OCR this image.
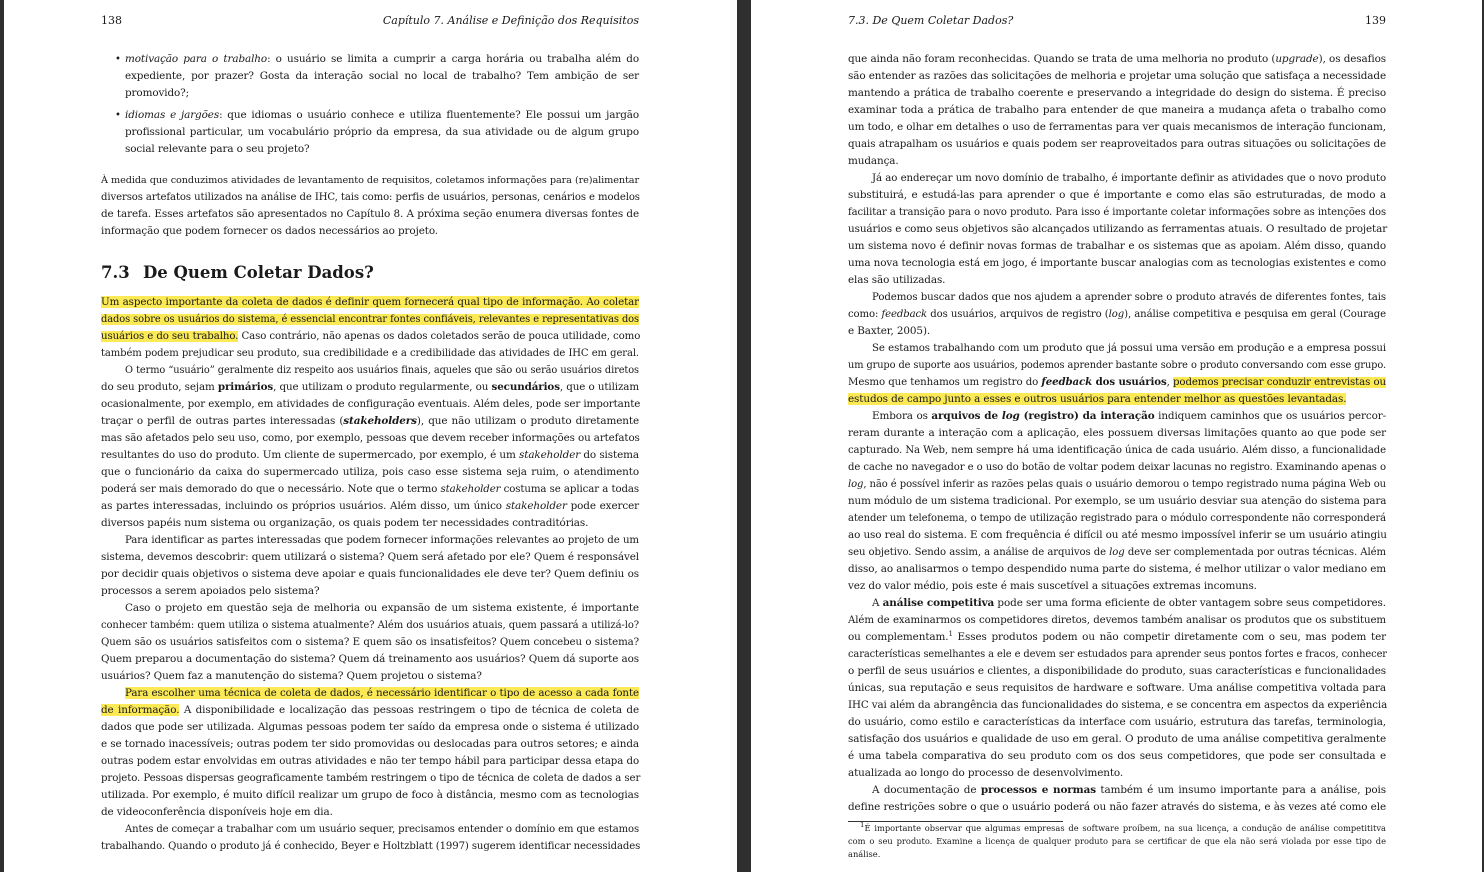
138	Capítulo 7. Análise e Definição dos Requisitos
• motivação para o trabalho: o usuário se limita a cumprir a carga horária ou trabalha além do
expediente, por prazer? Gosta da interação social no local de trabalho? Tem ambição de ser
promovido?;
• idiomas e jargões: que idiomas o usuário conhece e utiliza fluentemente? Ele possui um jargão
profissional particular, um vocabulário próprio da empresa, da sua atividade ou de algum grupo
social relevante para o seu projeto?
À medida que conduzimos atividades de levantamento de requisitos, coletamos informações para (re)alimentar
diversos artefatos utilizados na análise de IHC, tais como: perfis de usuários, personas, cenários e modelos
de tarefa. Esses artefatos são apresentados no Capítulo 8. A próxima seção enumera diversas fontes de
informação que podem fornecer os dados necessários ao projeto.
7.3 De Quem Coletar Dados?
Um aspecto importante da coleta de dados é definir quem fornecerá qual tipo de informação. Ao coletar
dados sobre os usuários do sistema, é essencial encontrar fontes confiáveis, relevantes e representativas dos
usuários e do seu trabalho. Caso contrário, não apenas os dados coletados serão de pouca utilidade, como
também podem prejudicar seu produto, sua credibilidade e a credibilidade das atividades de IHC em geral.
O termo “usuário” geralmente diz respeito aos usuários finais, aqueles que são ou serão usuários diretos
do seu produto, sejam primários, que utilizam o produto regularmente, ou secundários, que o utilizam
ocasionalmente, por exemplo, em atividades de configuração eventuais. Além deles, pode ser importante
traçar o perfil de outras partes interessadas (stakeholders), que não utilizam o produto diretamente
mas são afetados pelo seu uso, como, por exemplo, pessoas que devem receber informações ou artefatos
resultantes do uso do produto. Um cliente de supermercado, por exemplo, é um stakeholder do sistema
que o funcionário da caixa do supermercado utiliza, pois caso esse sistema seja ruim, o atendimento
poderá ser mais demorado do que o necessário. Note que o termo stakeholder costuma se aplicar a todas
as partes interessadas, incluindo os próprios usuários. Além disso, um único stakeholder pode exercer
diversos papéis num sistema ou organização, os quais podem ter necessidades contraditórias.
Para identificar as partes interessadas que podem fornecer informações relevantes ao projeto de um
sistema, devemos descobrir: quem utilizará o sistema? Quem será afetado por ele? Quem é responsável
por decidir quais objetivos o sistema deve apoiar e quais funcionalidades ele deve ter? Quem definiu os
processos a serem apoiados pelo sistema?
Caso o projeto em questão seja de melhoria ou expansão de um sistema existente, é importante
conhecer também: quem utiliza o sistema atualmente? Além dos usuários atuais, quem passará a utilizá-lo?
Quem são os usuários satisfeitos com o sistema? E quem são os insatisfeitos? Quem concebeu o sistema?
Quem preparou a documentação do sistema? Quem dá treinamento aos usuários? Quem dá suporte aos
usuários? Quem faz a manutenção do sistema? Quem projetou o sistema?
Para escolher uma técnica de coleta de dados, é necessário identificar o tipo de acesso a cada fonte
de informação. A disponibilidade e localização das pessoas restringem o tipo de técnica de coleta de
dados que pode ser utilizada. Algumas pessoas podem ter saído da empresa onde o sistema é utilizado
e se tornado inacessíveis; outras podem ter sido promovidas ou deslocadas para outros setores; e ainda
outras podem estar envolvidas em outras atividades e não ter tempo hábil para participar dessa etapa do
projeto. Pessoas dispersas geograficamente também restringem o tipo de técnica de coleta de dados a ser
utilizada. Por exemplo, é muito difícil realizar um grupo de foco à distância, mesmo com as tecnologias
de videoconferência disponíveis hoje em dia.
Antes de começar a trabalhar com um usuário sequer, precisamos entender o domínio em que estamos
trabalhando. Quando o produto já é conhecido, Beyer e Holtzblatt (1997) sugerem identificar necessidades
7.3. De Quem Coletar Dados?	139
que ainda não foram reconhecidas. Quando se trata de uma melhoria no produto (upgrade), os desafios
são entender as razões das solicitações de melhoria e projetar uma solução que satisfaça a necessidade
mantendo a prática de trabalho coerente e preservando a integridade do design do sistema. É preciso
examinar toda a prática de trabalho para entender de que maneira a mudança afeta o trabalho como
um todo, e olhar em detalhes o uso de ferramentas para ver quais mecanismos de interação funcionam,
quais atrapalham os usuários e quais podem ser reaproveitados para outras situações ou solicitações de
mudança.
Já ao endereçar um novo domínio de trabalho, é importante definir as atividades que o novo produto
substituirá, e estudá-las para aprender o que é importante e como elas são estruturadas, de modo a
facilitar a transição para o novo produto. Para isso é importante coletar informações sobre as intenções dos
usuários e como seus objetivos são alcançados utilizando as ferramentas atuais. O resultado de projetar
um sistema novo é definir novas formas de trabalhar e os sistemas que as apoiam. Além disso, quando
uma nova tecnologia está em jogo, é importante buscar analogias com as tecnologias existentes e como
elas são utilizadas.
Podemos buscar dados que nos ajudem a aprender sobre o produto através de diferentes fontes, tais
como: feedback dos usuários, arquivos de registro (log), análise competitiva e pesquisa em geral (Courage
e Baxter, 2005).
Se estamos trabalhando com um produto que já possui uma versão em produção e a empresa possui
um grupo de suporte aos usuários, podemos aprender bastante sobre o produto conversando com esse grupo.
Mesmo que tenhamos um registro do feedback dos usuários, podemos precisar conduzir entrevistas ou
estudos de campo junto a esses e outros usuários para entender melhor as questões levantadas.
Embora os arquivos de log (registro) da interação indiquem caminhos que os usuários percor-
reram durante a interação com a aplicação, eles possuem diversas limitações quanto ao que pode ser
capturado. Na Web, nem sempre há uma identificação única de cada usuário. Além disso, a funcionalidade
de cache no navegador e o uso do botão de voltar podem deixar lacunas no registro. Examinando apenas o
log, não é possível inferir as razões pelas quais o usuário demorou o tempo registrado numa página Web ou
num módulo de um sistema tradicional. Por exemplo, se um usuário desviar sua atenção do sistema para
atender um telefonema, o tempo de utilização registrado para o módulo correspondente não corresponderá
ao uso real do sistema. E com frequência é difícil ou até mesmo impossível inferir se um usuário atingiu
seu objetivo. Sendo assim, a análise de arquivos de log deve ser complementada por outras técnicas. Além
disso, ao analisarmos o tempo despendido numa parte do sistema, é melhor utilizar o valor mediano em
vez do valor médio, pois este é mais suscetível a situações extremas incomuns.
A análise competitiva pode ser uma forma eficiente de obter vantagem sobre seus competidores.
Além de examinarmos os competidores diretos, devemos também analisar os produtos que os substituem
ou complementam.$^1$ Esses produtos podem ou não competir diretamente com o seu, mas podem ter
características semelhantes a ele e devem ser estudados para aprender seus pontos fortes e fracos, conhecer
o perfil de seus usuários e clientes, a disponibilidade do produto, suas características e funcionalidades
únicas, sua reputação e seus requisitos de hardware e software. Uma análise competitiva voltada para
IHC vai além da abrangência das funcionalidades do sistema, e se concentra em aspectos da experiência
do usuário, como estilo e características da interface com usuário, estrutura das tarefas, terminologia,
satisfação dos usuários e qualidade de uso em geral. O produto de uma análise competitiva geralmente
é uma tabela comparativa do seu produto com os dos seus competidores, que pode ser consultada e
atualizada ao longo do processo de desenvolvimento.
A documentação de processos e normas também é um insumo importante para a análise, pois
define restrições sobre o que o usuário poderá ou não fazer através do sistema, e às vezes até como ele
$^1$É importante observar que algumas empresas de software proíbem, na sua licença, a condução de análise competititva
com o seu produto. Examine a licença de qualquer produto para se certificar de que ela não será violada por esse tipo de
análise.
